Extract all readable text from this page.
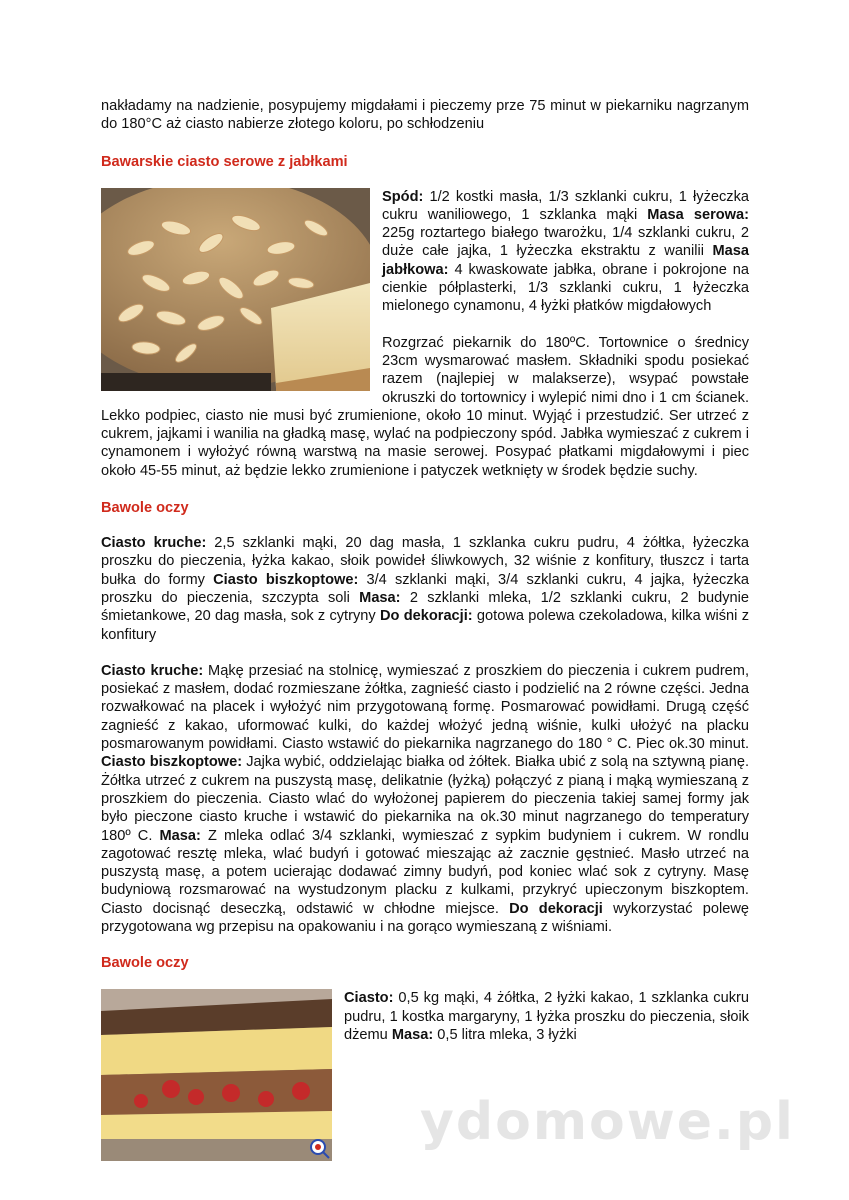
nakładamy na nadzienie, posypujemy migdałami i pieczemy prze 75 minut w piekarniku nagrzanym do 180°C aż ciasto nabierze złotego koloru, po schłodzeniu

Bawarskie ciasto serowe z jabłkami

Spód: 1/2 kostki masła, 1/3 szklanki cukru, 1 łyżeczka cukru waniliowego, 1 szklanka mąki Masa serowa: 225g roztartego białego twarożku, 1/4 szklanki cukru, 2 duże całe jajka, 1 łyżeczka ekstraktu z wanilii Masa jabłkowa: 4 kwaskowate jabłka, obrane i pokrojone na cienkie półplasterki, 1/3 szklanki cukru, 1 łyżeczka mielonego cynamonu, 4 łyżki płatków migdałowych

Rozgrzać piekarnik do 180ºC. Tortownice o średnicy 23cm wysmarować masłem. Składniki spodu posiekać razem (najlepiej w malakserze), wsypać powstałe okruszki do tortownicy i wylepić nimi dno i 1 cm ścianek. Lekko podpiec, ciasto nie musi być zrumienione, około 10 minut. Wyjąć i przestudzić. Ser utrzeć z cukrem, jajkami i wanilia na gładką masę, wylać na podpieczony spód. Jabłka wymieszać z cukrem i cynamonem i wyłożyć równą warstwą na masie serowej. Posypać płatkami migdałowymi i piec około 45-55 minut, aż będzie lekko zrumienione i patyczek wetknięty w środek będzie suchy.

Bawole oczy

Ciasto kruche: 2,5 szklanki mąki, 20 dag masła, 1 szklanka cukru pudru, 4 żółtka, łyżeczka proszku do pieczenia, łyżka kakao, słoik powideł śliwkowych, 32 wiśnie z konfitury, tłuszcz i tarta bułka do formy Ciasto biszkoptowe: 3/4 szklanki mąki, 3/4 szklanki cukru, 4 jajka, łyżeczka proszku do pieczenia, szczypta soli Masa: 2 szklanki mleka, 1/2 szklanki cukru, 2 budynie śmietankowe, 20 dag masła, sok z cytryny Do dekoracji: gotowa polewa czekoladowa, kilka wiśni z konfitury

Ciasto kruche: Mąkę przesiać na stolnicę, wymieszać z proszkiem do pieczenia i cukrem pudrem, posiekać z masłem, dodać rozmieszane żółtka, zagnieść ciasto i podzielić na 2 równe części. Jedna rozwałkować na placek i wyłożyć nim przygotowaną formę. Posmarować powidłami. Drugą część zagnieść z kakao, uformować kulki, do każdej włożyć jedną wiśnie, kulki ułożyć na placku posmarowanym powidłami. Ciasto wstawić do piekarnika nagrzanego do 180 ° C. Piec ok.30 minut. Ciasto biszkoptowe: Jajka wybić, oddzielając białka od żółtek. Białka ubić z solą na sztywną pianę. Żółtka utrzeć z cukrem na puszystą masę, delikatnie (łyżką) połączyć z pianą i mąką wymieszaną z proszkiem do pieczenia. Ciasto wlać do wyłożonej papierem do pieczenia takiej samej formy jak było pieczone ciasto kruche i wstawić do piekarnika na ok.30 minut nagrzanego do temperatury 180º C. Masa: Z mleka odlać 3/4 szklanki, wymieszać z sypkim budyniem i cukrem. W rondlu zagotować resztę mleka, wlać budyń i gotować mieszając aż zacznie gęstnieć. Masło utrzeć na puszystą masę, a potem ucierając dodawać zimny budyń, pod koniec wlać sok z cytryny. Masę budyniową rozsmarować na wystudzonym placku z kulkami, przykryć upieczonym biszkoptem. Ciasto docisnąć deseczką, odstawić w chłodne miejsce. Do dekoracji wykorzystać polewę przygotowana wg przepisu na opakowaniu i na gorąco wymieszaną z wiśniami.

Bawole oczy

Ciasto: 0,5 kg mąki, 4 żółtka, 2 łyżki kakao, 1 szklanka cukru pudru, 1 kostka margaryny, 1 łyżka proszku do pieczenia, słoik dżemu Masa: 0,5 litra mleka, 3 łyżki

ydomowe.pl
